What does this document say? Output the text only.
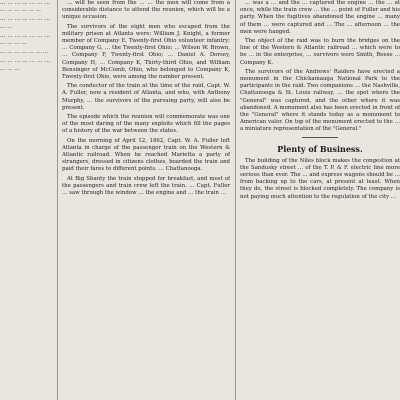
… … … … … … … … … … … … …

… … … … … … … … …

… … … … … … … … … … …

… … … … … … …

… … … … … … … … … …

… will be seen from the … … the men will come from a considerable distance to attend the reunion, which will be a unique occasion.

The survivors of the eight men who escaped from the military prison at Atlanta were: William J. Knight, a former member of Company E, Twenty-first Ohio volunteer infantry; … Company G, … the Twenty-first Ohio; … Wilson W. Brown, … Company F, Twenty-first Ohio; … Daniel A. Dorsey, Company H, … Company K, Thirty-third Ohio, and William Bensinger of McComb, Ohio, who belonged to Company K, Twenty-first Ohio, were among the number present.

The conductor of the train at the time of the raid, Capt. W. A. Fuller, now a resident of Atlanta, and who, with Anthony Murphy, … the survivors of the pursuing party, will also be present.

The episode which the reunion will commemorate was one of the most daring of the many exploits which fill the pages of a history of the war between the states.

On the morning of April 12, 1862, Capt. W. A. Fuller left Atlanta in charge of the passenger train on the Western & Atlantic railroad. When he reached Marietta a party of strangers, dressed in citizens clothes, boarded the train and paid their fares to different points. … Chattanooga.

At Big Shanty the train stopped for breakfast, and most of the passengers and train crew left the train. … Capt. Fuller … saw through the window … the engine and … the train …

… was a … and the … captured the engine … the … at once, while the train crew … the … point of Fuller and his party. When the fugitives abandoned the engine … many of them … were captured and … The … afternoon … the men were hanged.

The object of the raid was to burn the bridges on the line of the Western & Atlantic railroad … which were to be … in the enterprise, … survivors were Smith, Reese … Company K.

The survivors of the Andrews' Raiders have erected a monument in the Chickamauga National Park to the participants in the raid. Two companions … the Nashville, Chattanooga & St. Louis railway, … the spot where the "General" was captured, and the other where it was abandoned. A monument also has been erected in front of the "General" where it stands today as a monument to American valor. On top of the monument erected to the … a miniature representation of the "General."

Plenty of Business.

The building of the Niles block makes the congestion at the Sandusky street … of the T. P. & F. electric line more serious than ever. The … and express wagons should be … from backing up to the cars, at present at least. When they do, the street is blocked completely. The company is not paying much attention to the regulation of the city …
